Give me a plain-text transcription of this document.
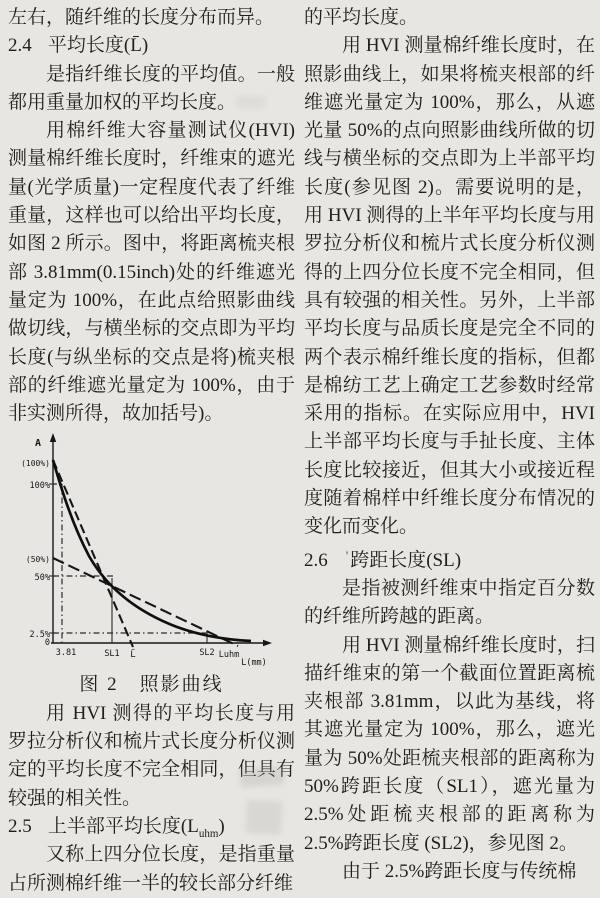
左右，随纤维的长度分布而异。

2.4 平均长度(L̄)

是指纤维长度的平均值。一般都用重量加权的平均长度。

用棉纤维大容量测试仪(HVI)测量棉纤维长度时，纤维束的遮光量(光学质量)一定程度代表了纤维重量，这样也可以给出平均长度，如图 2 所示。图中，将距离梳夹根部 3.81mm(0.15inch)处的纤维遮光量定为 100%，在此点给照影曲线做切线，与横坐标的交点即为平均长度(与纵坐标的交点是将)梳夹根部的纤维遮光量定为 100%，由于非实测所得，故加括号)。

A
(100%)
100%
(50%)
50%
2.5%
0
3.81	SL1 L̄	SL2 Luhm
L(mm)

图 2　照影曲线

用 HVI 测得的平均长度与用罗拉分析仪和梳片式长度分析仪测定的平均长度不完全相同，但具有较强的相关性。

2.5 上半部平均长度$(L_{uhm})$

又称上四分位长度，是指重量占所测棉纤维一半的较长部分纤维

的平均长度。

用 HVI 测量棉纤维长度时，在照影曲线上，如果将梳夹根部的纤维遮光量定为 100%，那么，从遮光量 50%的点向照影曲线所做的切线与横坐标的交点即为上半部平均长度(参见图 2)。需要说明的是，用 HVI 测得的上半年平均长度与用罗拉分析仪和梳片式长度分析仪测得的上四分位长度不完全相同，但具有较强的相关性。另外，上半部平均长度与品质长度是完全不同的两个表示棉纤维长度的指标，但都是棉纺工艺上确定工艺参数时经常采用的指标。在实际应用中，HVI 上半部平均长度与手扯长度、主体长度比较接近，但其大小或接近程度随着棉样中纤维长度分布情况的变化而变化。

2.6 ' 跨距长度(SL)

是指被测纤维束中指定百分数的纤维所跨越的距离。

用 HVI 测量棉纤维长度时，扫描纤维束的第一个截面位置距离梳夹根部 3.81mm，以此为基线，将其遮光量定为 100%，那么，遮光量为 50%处距梳夹根部的距离称为 50%跨距长度（SL1），遮光量为 2.5%处距梳夹根部的距离称为 2.5%跨距长度 (SL2)，参见图 2。

由于 2.5%跨距长度与传统棉
